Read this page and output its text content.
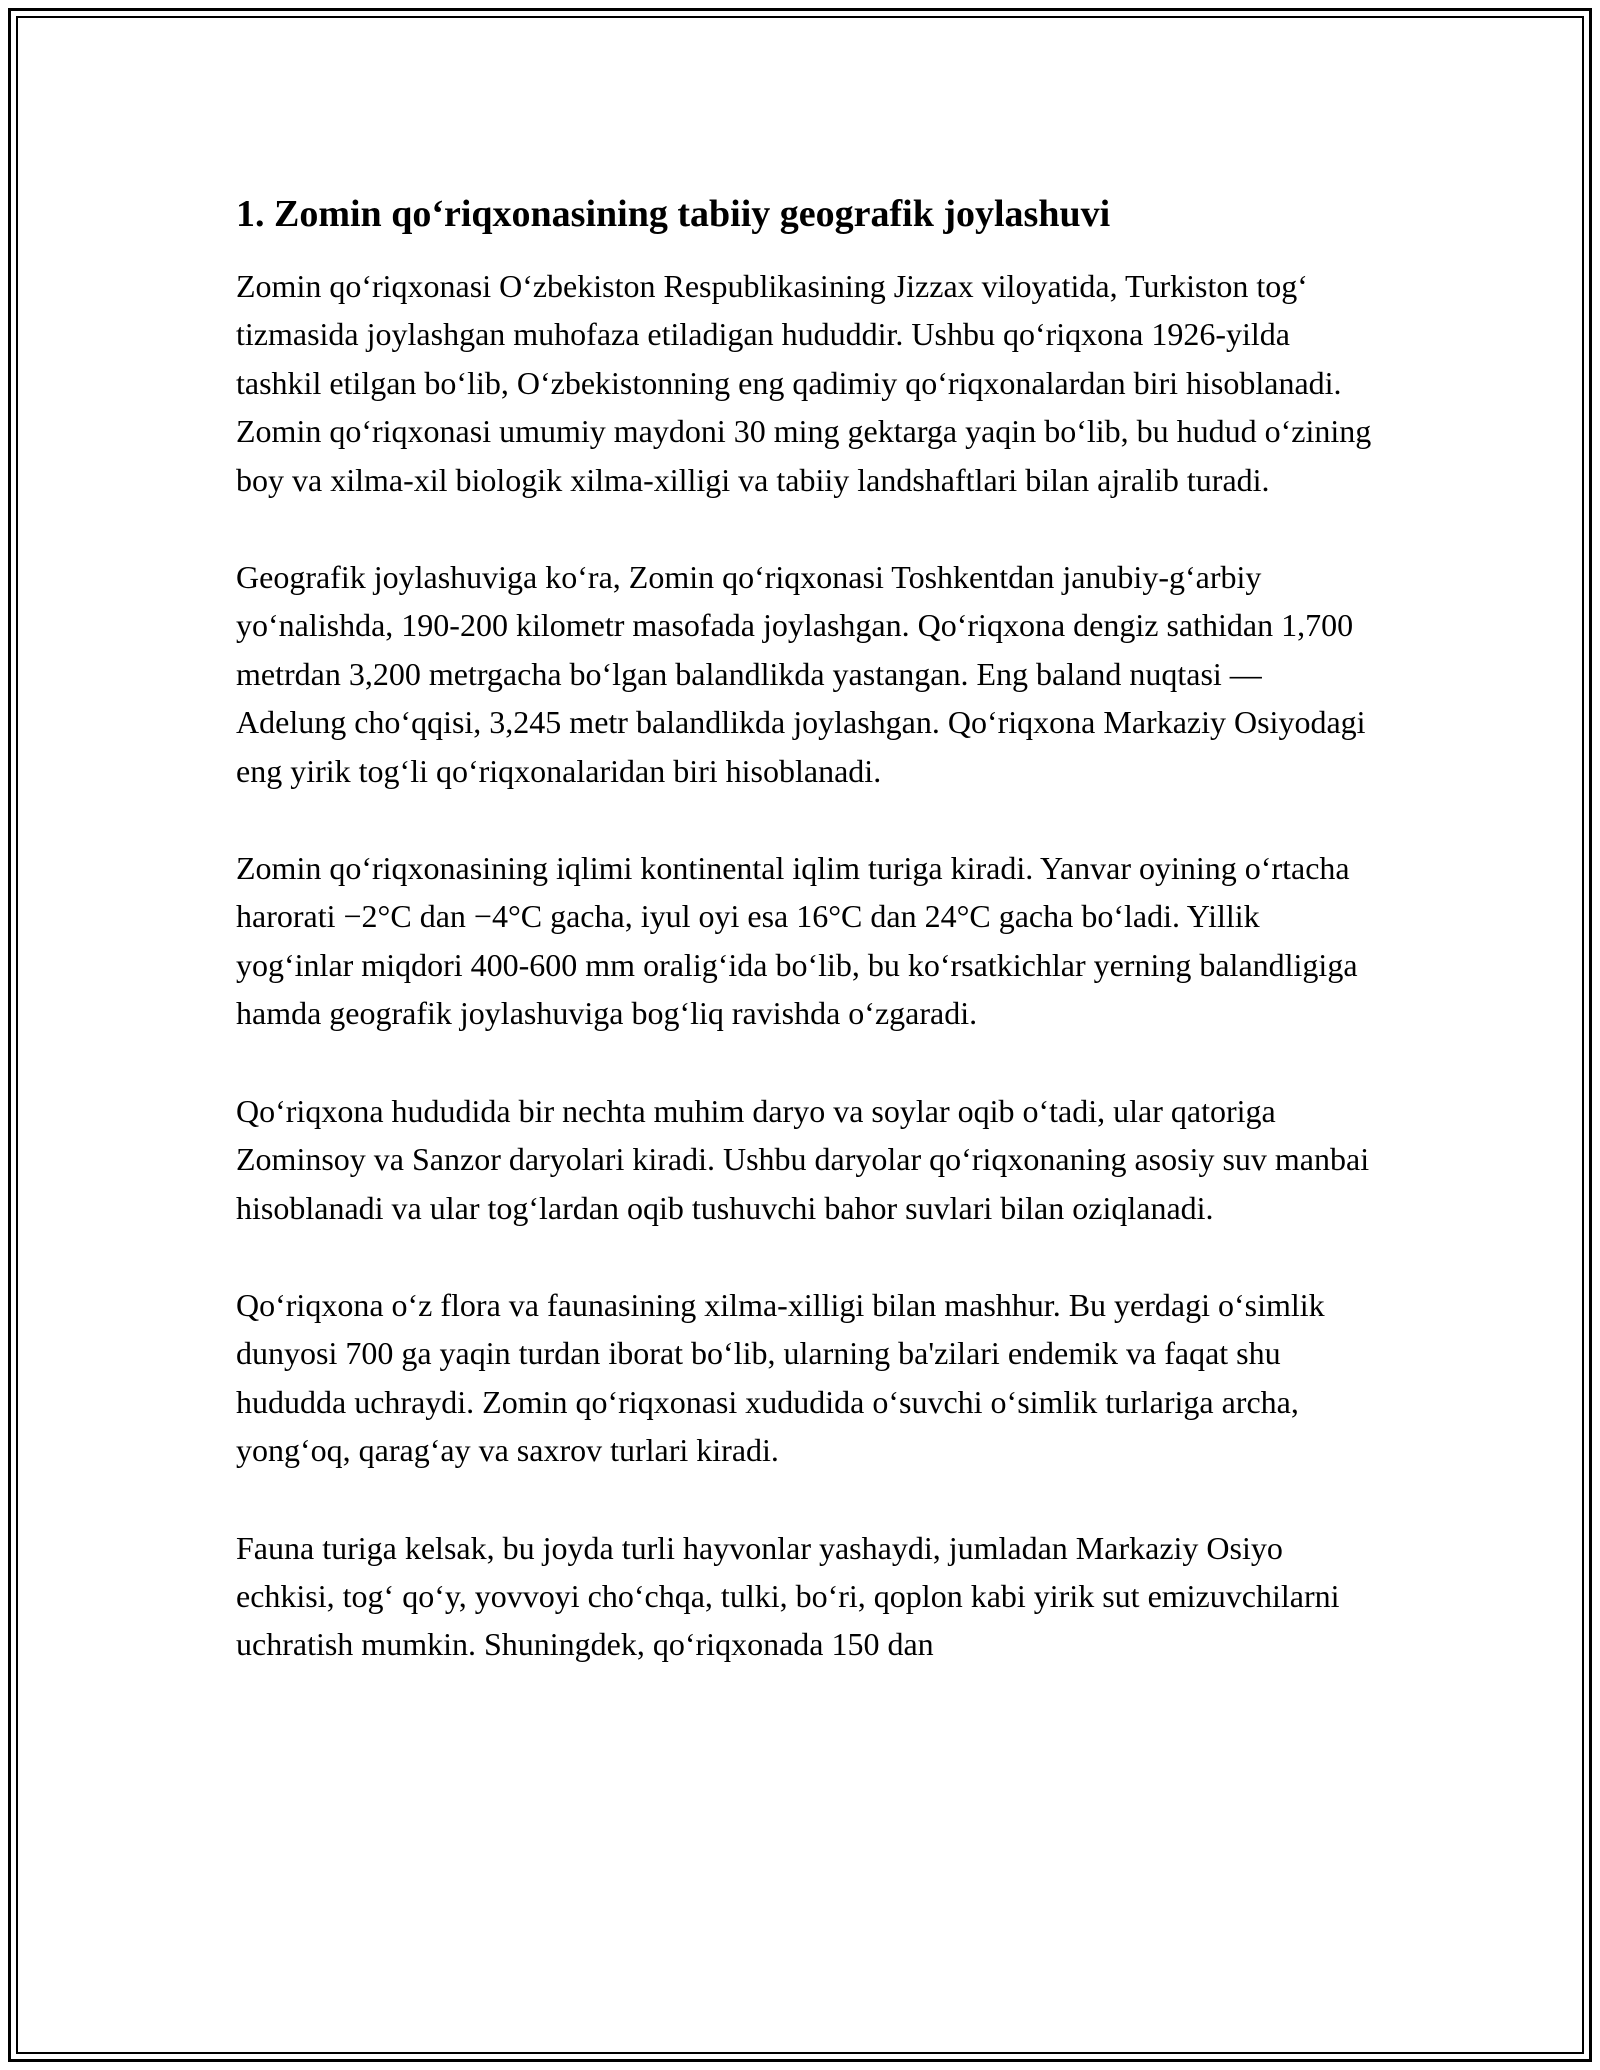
1. Zomin qo‘riqxonasining tabiiy geografik joylashuvi

Zomin qo‘riqxonasi O‘zbekiston Respublikasining Jizzax viloyatida, Turkiston tog‘ tizmasida joylashgan muhofaza etiladigan hududdir. Ushbu qo‘riqxona 1926-yilda tashkil etilgan bo‘lib, O‘zbekistonning eng qadimiy qo‘riqxonalardan biri hisoblanadi. Zomin qo‘riqxonasi umumiy maydoni 30 ming gektarga yaqin bo‘lib, bu hudud o‘zining boy va xilma-xil biologik xilma-xilligi va tabiiy landshaftlari bilan ajralib turadi.

Geografik joylashuviga ko‘ra, Zomin qo‘riqxonasi Toshkentdan janubiy-g‘arbiy yo‘nalishda, 190-200 kilometr masofada joylashgan. Qo‘riqxona dengiz sathidan 1,700 metrdan 3,200 metrgacha bo‘lgan balandlikda yastangan. Eng baland nuqtasi — Adelung cho‘qqisi, 3,245 metr balandlikda joylashgan. Qo‘riqxona Markaziy Osiyodagi eng yirik tog‘li qo‘riqxonalaridan biri hisoblanadi.

Zomin qo‘riqxonasining iqlimi kontinental iqlim turiga kiradi. Yanvar oyining o‘rtacha harorati −2°C dan −4°C gacha, iyul oyi esa 16°C dan 24°C gacha bo‘ladi. Yillik yog‘inlar miqdori 400-600 mm oralig‘ida bo‘lib, bu ko‘rsatkichlar yerning balandligiga hamda geografik joylashuviga bog‘liq ravishda o‘zgaradi.

Qo‘riqxona hududida bir nechta muhim daryo va soylar oqib o‘tadi, ular qatoriga Zominsoy va Sanzor daryolari kiradi. Ushbu daryolar qo‘riqxonaning asosiy suv manbai hisoblanadi va ular tog‘lardan oqib tushuvchi bahor suvlari bilan oziqlanadi.

Qo‘riqxona o‘z flora va faunasining xilma-xilligi bilan mashhur. Bu yerdagi o‘simlik dunyosi 700 ga yaqin turdan iborat bo‘lib, ularning ba'zilari endemik va faqat shu hududda uchraydi. Zomin qo‘riqxonasi xududida o‘suvchi o‘simlik turlariga archa, yong‘oq, qarag‘ay va saxrov turlari kiradi.

Fauna turiga kelsak, bu joyda turli hayvonlar yashaydi, jumladan Markaziy Osiyo echkisi, tog‘ qo‘y, yovvoyi cho‘chqa, tulki, bo‘ri, qoplon kabi yirik sut emizuvchilarni uchratish mumkin. Shuningdek, qo‘riqxonada 150 dan
